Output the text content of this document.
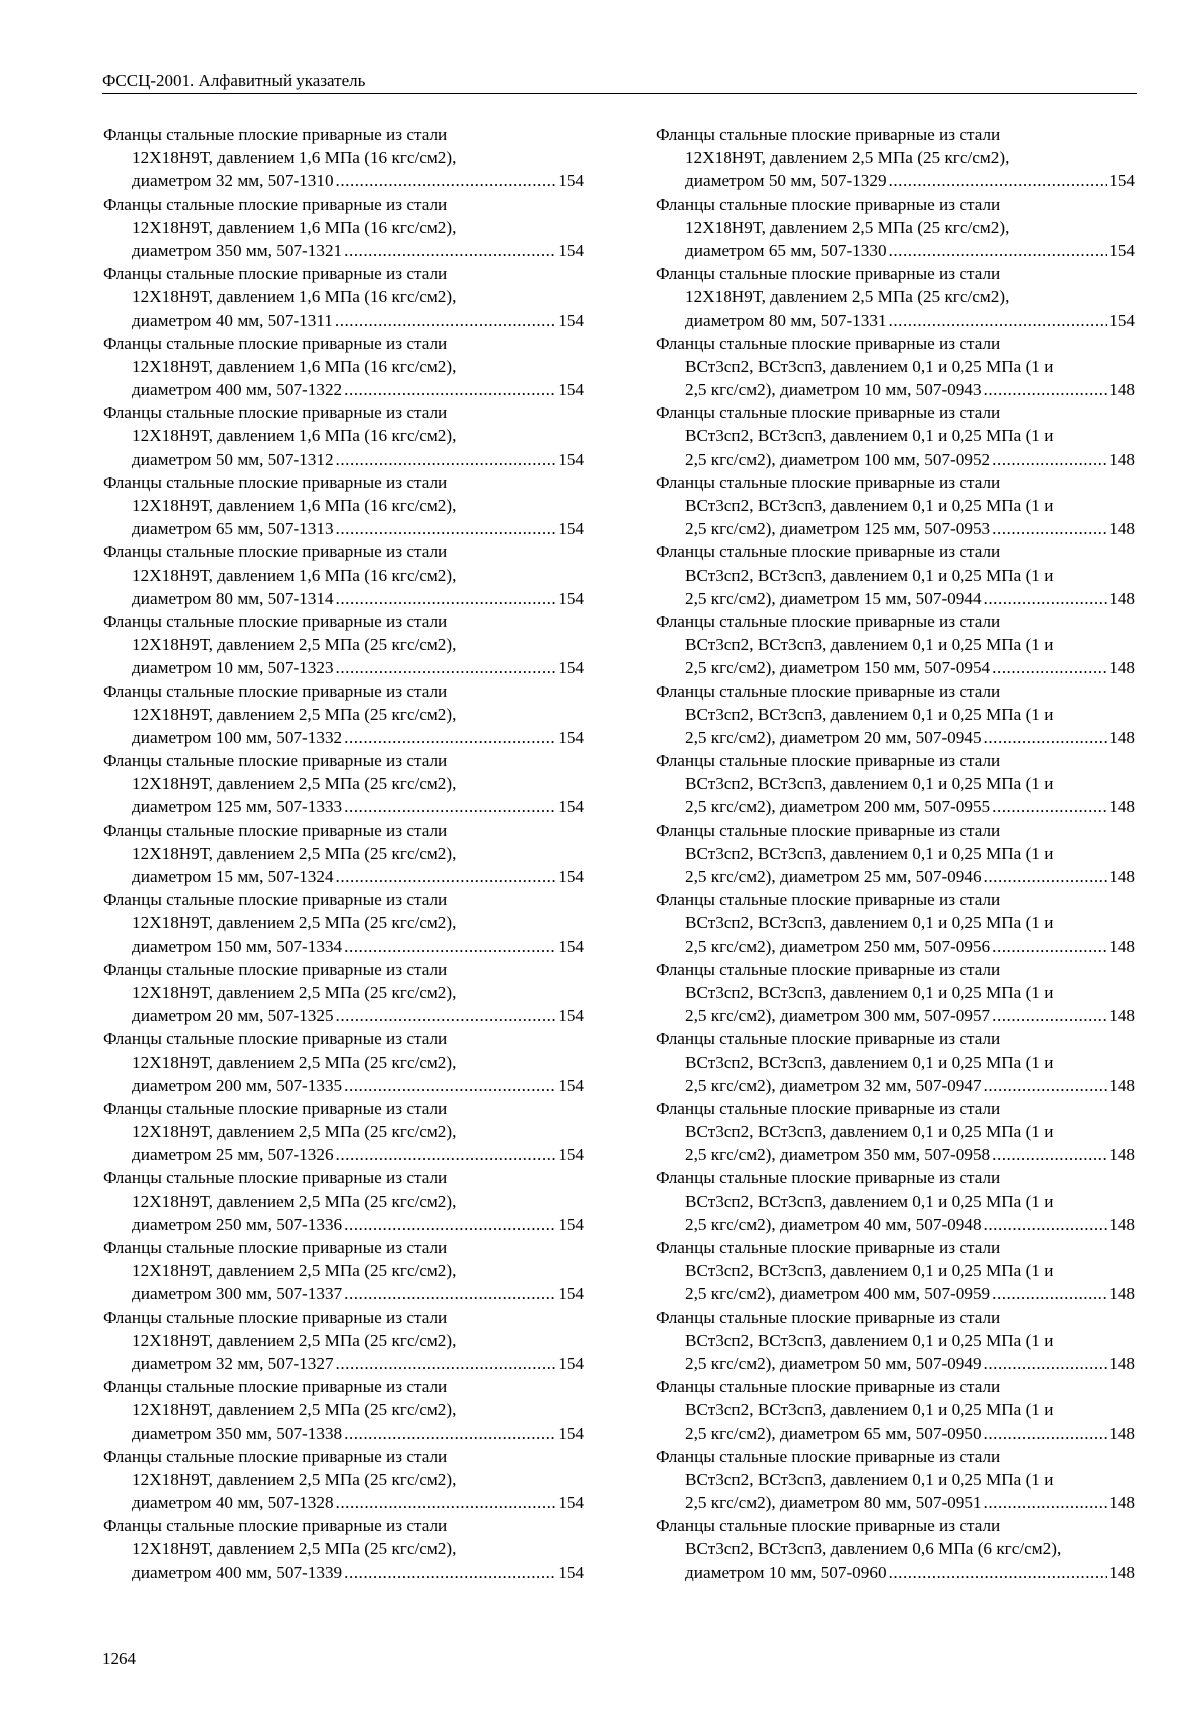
ФССЦ-2001. Алфавитный указатель
Фланцы стальные плоские приварные из стали
12Х18Н9Т, давлением 1,6 МПа (16 кгс/см2),
диаметром 32 мм, 507-1310 .....	154
Фланцы стальные плоские приварные из стали
12Х18Н9Т, давлением 1,6 МПа (16 кгс/см2),
диаметром 350 мм, 507-1321 .....	154
Фланцы стальные плоские приварные из стали
12Х18Н9Т, давлением 1,6 МПа (16 кгс/см2),
диаметром 40 мм, 507-1311 .....	154
Фланцы стальные плоские приварные из стали
12Х18Н9Т, давлением 1,6 МПа (16 кгс/см2),
диаметром 400 мм, 507-1322 .....	154
Фланцы стальные плоские приварные из стали
12Х18Н9Т, давлением 1,6 МПа (16 кгс/см2),
диаметром 50 мм, 507-1312 .....	154
Фланцы стальные плоские приварные из стали
12Х18Н9Т, давлением 1,6 МПа (16 кгс/см2),
диаметром 65 мм, 507-1313 .....	154
Фланцы стальные плоские приварные из стали
12Х18Н9Т, давлением 1,6 МПа (16 кгс/см2),
диаметром 80 мм, 507-1314 .....	154
Фланцы стальные плоские приварные из стали
12Х18Н9Т, давлением 2,5 МПа (25 кгс/см2),
диаметром 10 мм, 507-1323 .....	154
Фланцы стальные плоские приварные из стали
12Х18Н9Т, давлением 2,5 МПа (25 кгс/см2),
диаметром 100 мм, 507-1332 .....	154
Фланцы стальные плоские приварные из стали
12Х18Н9Т, давлением 2,5 МПа (25 кгс/см2),
диаметром 125 мм, 507-1333 .....	154
Фланцы стальные плоские приварные из стали
12Х18Н9Т, давлением 2,5 МПа (25 кгс/см2),
диаметром 15 мм, 507-1324 .....	154
Фланцы стальные плоские приварные из стали
12Х18Н9Т, давлением 2,5 МПа (25 кгс/см2),
диаметром 150 мм, 507-1334 .....	154
Фланцы стальные плоские приварные из стали
12Х18Н9Т, давлением 2,5 МПа (25 кгс/см2),
диаметром 20 мм, 507-1325 .....	154
Фланцы стальные плоские приварные из стали
12Х18Н9Т, давлением 2,5 МПа (25 кгс/см2),
диаметром 200 мм, 507-1335 .....	154
Фланцы стальные плоские приварные из стали
12Х18Н9Т, давлением 2,5 МПа (25 кгс/см2),
диаметром 25 мм, 507-1326 .....	154
Фланцы стальные плоские приварные из стали
12Х18Н9Т, давлением 2,5 МПа (25 кгс/см2),
диаметром 250 мм, 507-1336 .....	154
Фланцы стальные плоские приварные из стали
12Х18Н9Т, давлением 2,5 МПа (25 кгс/см2),
диаметром 300 мм, 507-1337 .....	154
Фланцы стальные плоские приварные из стали
12Х18Н9Т, давлением 2,5 МПа (25 кгс/см2),
диаметром 32 мм, 507-1327 .....	154
Фланцы стальные плоские приварные из стали
12Х18Н9Т, давлением 2,5 МПа (25 кгс/см2),
диаметром 350 мм, 507-1338 .....	154
Фланцы стальные плоские приварные из стали
12Х18Н9Т, давлением 2,5 МПа (25 кгс/см2),
диаметром 40 мм, 507-1328 .....	154
Фланцы стальные плоские приварные из стали
12Х18Н9Т, давлением 2,5 МПа (25 кгс/см2),
диаметром 400 мм, 507-1339 .....	154
Фланцы стальные плоские приварные из стали
12Х18Н9Т, давлением 2,5 МПа (25 кгс/см2),
диаметром 50 мм, 507-1329 .....	154
Фланцы стальные плоские приварные из стали
12Х18Н9Т, давлением 2,5 МПа (25 кгс/см2),
диаметром 65 мм, 507-1330 .....	154
Фланцы стальные плоские приварные из стали
12Х18Н9Т, давлением 2,5 МПа (25 кгс/см2),
диаметром 80 мм, 507-1331 .....	154
Фланцы стальные плоские приварные из стали
ВСт3сп2, ВСт3сп3, давлением 0,1 и 0,25 МПа (1 и
2,5 кгс/см2), диаметром 10 мм, 507-0943 .....	148
Фланцы стальные плоские приварные из стали
ВСт3сп2, ВСт3сп3, давлением 0,1 и 0,25 МПа (1 и
2,5 кгс/см2), диаметром 100 мм, 507-0952 .....	148
Фланцы стальные плоские приварные из стали
ВСт3сп2, ВСт3сп3, давлением 0,1 и 0,25 МПа (1 и
2,5 кгс/см2), диаметром 125 мм, 507-0953 .....	148
Фланцы стальные плоские приварные из стали
ВСт3сп2, ВСт3сп3, давлением 0,1 и 0,25 МПа (1 и
2,5 кгс/см2), диаметром 15 мм, 507-0944 .....	148
Фланцы стальные плоские приварные из стали
ВСт3сп2, ВСт3сп3, давлением 0,1 и 0,25 МПа (1 и
2,5 кгс/см2), диаметром 150 мм, 507-0954 .....	148
Фланцы стальные плоские приварные из стали
ВСт3сп2, ВСт3сп3, давлением 0,1 и 0,25 МПа (1 и
2,5 кгс/см2), диаметром 20 мм, 507-0945 .....	148
Фланцы стальные плоские приварные из стали
ВСт3сп2, ВСт3сп3, давлением 0,1 и 0,25 МПа (1 и
2,5 кгс/см2), диаметром 200 мм, 507-0955 .....	148
Фланцы стальные плоские приварные из стали
ВСт3сп2, ВСт3сп3, давлением 0,1 и 0,25 МПа (1 и
2,5 кгс/см2), диаметром 25 мм, 507-0946 .....	148
Фланцы стальные плоские приварные из стали
ВСт3сп2, ВСт3сп3, давлением 0,1 и 0,25 МПа (1 и
2,5 кгс/см2), диаметром 250 мм, 507-0956 .....	148
Фланцы стальные плоские приварные из стали
ВСт3сп2, ВСт3сп3, давлением 0,1 и 0,25 МПа (1 и
2,5 кгс/см2), диаметром 300 мм, 507-0957 .....	148
Фланцы стальные плоские приварные из стали
ВСт3сп2, ВСт3сп3, давлением 0,1 и 0,25 МПа (1 и
2,5 кгс/см2), диаметром 32 мм, 507-0947 .....	148
Фланцы стальные плоские приварные из стали
ВСт3сп2, ВСт3сп3, давлением 0,1 и 0,25 МПа (1 и
2,5 кгс/см2), диаметром 350 мм, 507-0958 .....	148
Фланцы стальные плоские приварные из стали
ВСт3сп2, ВСт3сп3, давлением 0,1 и 0,25 МПа (1 и
2,5 кгс/см2), диаметром 40 мм, 507-0948 .....	148
Фланцы стальные плоские приварные из стали
ВСт3сп2, ВСт3сп3, давлением 0,1 и 0,25 МПа (1 и
2,5 кгс/см2), диаметром 400 мм, 507-0959 .....	148
Фланцы стальные плоские приварные из стали
ВСт3сп2, ВСт3сп3, давлением 0,1 и 0,25 МПа (1 и
2,5 кгс/см2), диаметром 50 мм, 507-0949 .....	148
Фланцы стальные плоские приварные из стали
ВСт3сп2, ВСт3сп3, давлением 0,1 и 0,25 МПа (1 и
2,5 кгс/см2), диаметром 65 мм, 507-0950 .....	148
Фланцы стальные плоские приварные из стали
ВСт3сп2, ВСт3сп3, давлением 0,1 и 0,25 МПа (1 и
2,5 кгс/см2), диаметром 80 мм, 507-0951 .....	148
Фланцы стальные плоские приварные из стали
ВСт3сп2, ВСт3сп3, давлением 0,6 МПа (6 кгс/см2),
диаметром 10 мм, 507-0960 .....	148
1264
